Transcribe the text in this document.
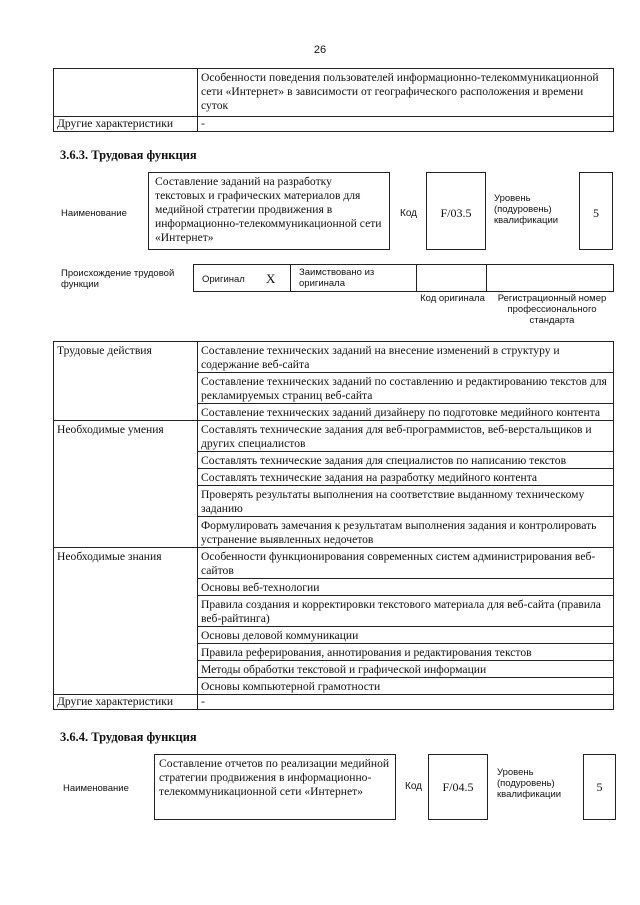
26
	Особенности поведения пользователей информационно-телекоммуникационной сети «Интернет» в зависимости от географического расположения и времени суток
Другие характеристики	-
3.6.3. Трудовая функция
Наименование
Составление заданий на разработку текстовых и графических материалов для медийной стратегии продвижения в информационно-телекоммуникационной сети «Интернет»
Код	F/03.5
Уровень (подуровень) квалификации
5
Происхождение трудовой функции	Оригинал X Заимствовано из оригинала
Код оригинала	Регистрационный номер профессионального стандарта
Трудовые действия	Составление технических заданий на внесение изменений в структуру и содержание веб-сайта
	Составление технических заданий по составлению и редактированию текстов для рекламируемых страниц веб-сайта
	Составление технических заданий дизайнеру по подготовке медийного контента
Необходимые умения	Составлять технические задания для веб-программистов, веб-верстальщиков и других специалистов
	Составлять технические задания для специалистов по написанию текстов
	Составлять технические задания на разработку медийного контента
	Проверять результаты выполнения на соответствие выданному техническому заданию
	Формулировать замечания к результатам выполнения задания и контролировать устранение выявленных недочетов
Необходимые знания	Особенности функционирования современных систем администрирования веб-сайтов
	Основы веб-технологии
	Правила создания и корректировки текстового материала для веб-сайта (правила веб-райтинга)
	Основы деловой коммуникации
	Правила реферирования, аннотирования и редактирования текстов
	Методы обработки текстовой и графической информации
	Основы компьютерной грамотности
Другие характеристики	-
3.6.4. Трудовая функция
Наименование
Составление отчетов по реализации медийной стратегии продвижения в информационно-телекоммуникационной сети «Интернет»	Код	F/04.5
Уровень (подуровень) квалификации
5
